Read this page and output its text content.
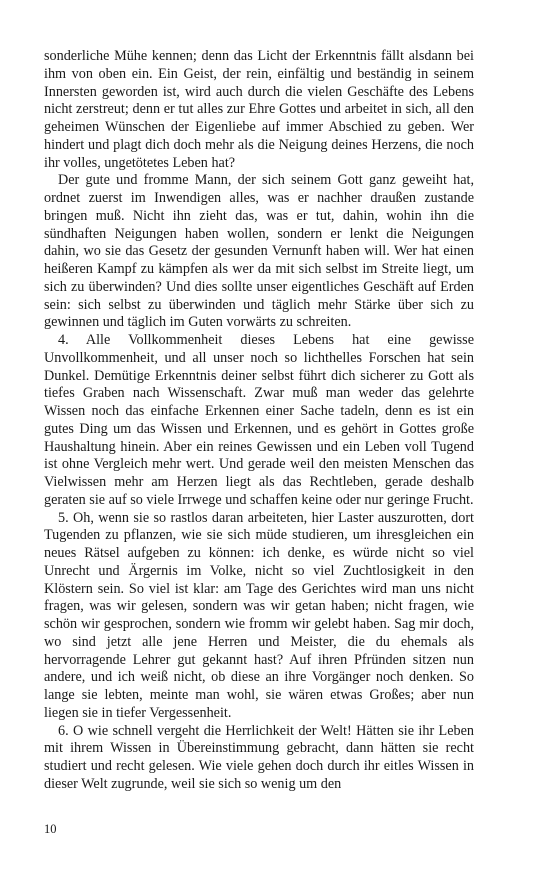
sonderliche Mühe kennen; denn das Licht der Erkenntnis fällt alsdann bei ihm von oben ein. Ein Geist, der rein, einfältig und beständig in seinem Innersten geworden ist, wird auch durch die vielen Geschäfte des Lebens nicht zerstreut; denn er tut alles zur Ehre Gottes und arbeitet in sich, all den geheimen Wünschen der Eigenliebe auf immer Abschied zu geben. Wer hindert und plagt dich doch mehr als die Neigung deines Herzens, die noch ihr volles, ungetötetes Leben hat?

Der gute und fromme Mann, der sich seinem Gott ganz geweiht hat, ordnet zuerst im Inwendigen alles, was er nachher draußen zustande bringen muß. Nicht ihn zieht das, was er tut, dahin, wohin ihn die sündhaften Neigungen haben wollen, sondern er lenkt die Neigungen dahin, wo sie das Gesetz der gesunden Vernunft haben will. Wer hat einen heißeren Kampf zu kämpfen als wer da mit sich selbst im Streite liegt, um sich zu überwinden? Und dies sollte unser eigentliches Geschäft auf Erden sein: sich selbst zu überwinden und täglich mehr Stärke über sich zu gewinnen und täglich im Guten vorwärts zu schreiten.

4. Alle Vollkommenheit dieses Lebens hat eine gewisse Unvollkommenheit, und all unser noch so lichthelles Forschen hat sein Dunkel. Demütige Erkenntnis deiner selbst führt dich sicherer zu Gott als tiefes Graben nach Wissenschaft. Zwar muß man weder das gelehrte Wissen noch das einfache Erkennen einer Sache tadeln, denn es ist ein gutes Ding um das Wissen und Erkennen, und es gehört in Gottes große Haushaltung hinein. Aber ein reines Gewissen und ein Leben voll Tugend ist ohne Vergleich mehr wert. Und gerade weil den meisten Menschen das Vielwissen mehr am Herzen liegt als das Rechtleben, gerade deshalb geraten sie auf so viele Irrwege und schaffen keine oder nur geringe Frucht.

5. Oh, wenn sie so rastlos daran arbeiteten, hier Laster auszurotten, dort Tugenden zu pflanzen, wie sie sich müde studieren, um ihresgleichen ein neues Rätsel aufgeben zu können: ich denke, es würde nicht so viel Unrecht und Ärgernis im Volke, nicht so viel Zuchtlosigkeit in den Klöstern sein. So viel ist klar: am Tage des Gerichtes wird man uns nicht fragen, was wir gelesen, sondern was wir getan haben; nicht fragen, wie schön wir gesprochen, sondern wie fromm wir gelebt haben. Sag mir doch, wo sind jetzt alle jene Herren und Meister, die du ehemals als hervorragende Lehrer gut gekannt hast? Auf ihren Pfründen sitzen nun andere, und ich weiß nicht, ob diese an ihre Vorgänger noch denken. So lange sie lebten, meinte man wohl, sie wären etwas Großes; aber nun liegen sie in tiefer Vergessenheit.

6. O wie schnell vergeht die Herrlichkeit der Welt! Hätten sie ihr Leben mit ihrem Wissen in Übereinstimmung gebracht, dann hätten sie recht studiert und recht gelesen. Wie viele gehen doch durch ihr eitles Wissen in dieser Welt zugrunde, weil sie sich so wenig um den

10
